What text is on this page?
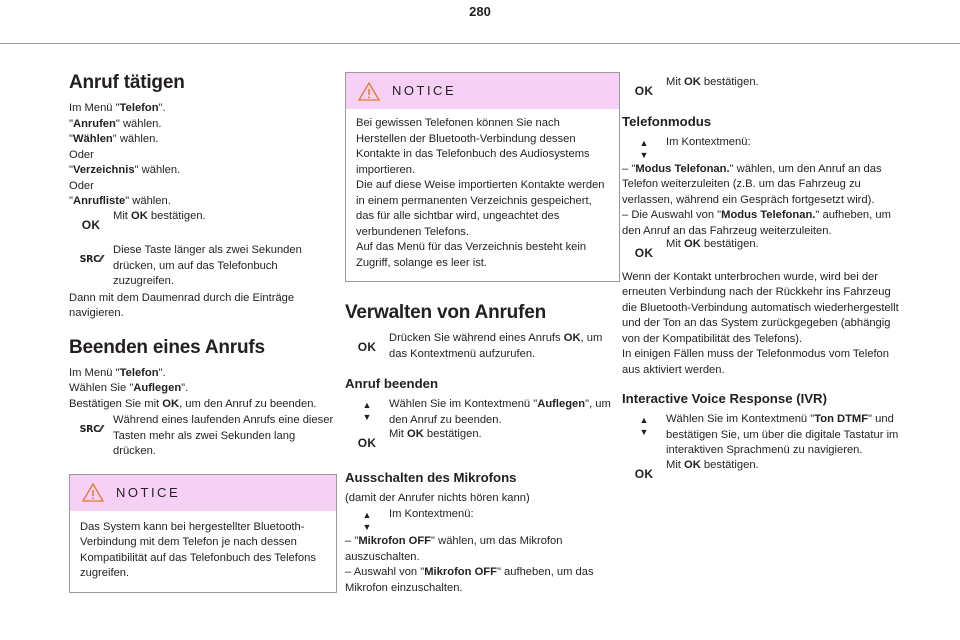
280
Anruf tätigen

Im Menü "Telefon".

"Anrufen" wählen.

"Wählen" wählen.

Oder

"Verzeichnis" wählen.

Oder

"Anrufliste" wählen.

OK
Mit OK bestätigen.
SRC⁄⁄
Diese Taste länger als zwei Sekunden drücken, um auf das Telefonbuch zuzugreifen.

Dann mit dem Daumenrad durch die Einträge navigieren.

Beenden eines Anrufs

Im Menü "Telefon".

Wählen Sie "Auflegen".

Bestätigen Sie mit OK, um den Anruf zu beenden.

SRC⁄⁄
Während eines laufenden Anrufs eine dieser Tasten mehr als zwei Sekunden lang drücken.
NOTICE
Das System kann bei hergestellter Bluetooth-Verbindung mit dem Telefon je nach dessen Kompatibilität auf das Telefonbuch des Telefons zugreifen.
NOTICE

Bei gewissen Telefonen können Sie nach Herstellen der Bluetooth-Verbindung dessen Kontakte in das Telefonbuch des Audiosystems importieren.

Die auf diese Weise importierten Kontakte werden in einem permanenten Verzeichnis gespeichert, das für alle sichtbar wird, ungeachtet des verbundenen Telefons.

Auf das Menü für das Verzeichnis besteht kein Zugriff, solange es leer ist.

Verwalten von Anrufen
OK
Drücken Sie während eines Anrufs OK, um das Kontextmenü aufzurufen.
Anruf beenden
▲
▼
Wählen Sie im Kontextmenü "Auflegen", um den Anruf zu beenden.
OK
Mit OK bestätigen.
Ausschalten des Mikrofons

(damit der Anrufer nichts hören kann)

▲
▼
Im Kontextmenü:

– "Mikrofon OFF" wählen, um das Mikrofon auszuschalten.

– Auswahl von "Mikrofon OFF" aufheben, um das Mikrofon einzuschalten.

OK
Mit OK bestätigen.
Telefonmodus
▲
▼
Im Kontextmenü:

– "Modus Telefonan." wählen, um den Anruf an das Telefon weiterzuleiten (z.B. um das Fahrzeug zu verlassen, während ein Gespräch fortgesetzt wird).

– Die Auswahl von "Modus Telefonan." aufheben, um den Anruf an das Fahrzeug weiterzuleiten.

OK
Mit OK bestätigen.

Wenn der Kontakt unterbrochen wurde, wird bei der erneuten Verbindung nach der Rückkehr ins Fahrzeug die Bluetooth-Verbindung automatisch wiederhergestellt und der Ton an das System zurückgegeben (abhängig von der Kompatibilität des Telefons).

In einigen Fällen muss der Telefonmodus vom Telefon aus aktiviert werden.

Interactive Voice Response (IVR)
▲
▼
Wählen Sie im Kontextmenü "Ton DTMF" und bestätigen Sie, um über die digitale Tastatur im interaktiven Sprachmenü zu navigieren.
OK
Mit OK bestätigen.
